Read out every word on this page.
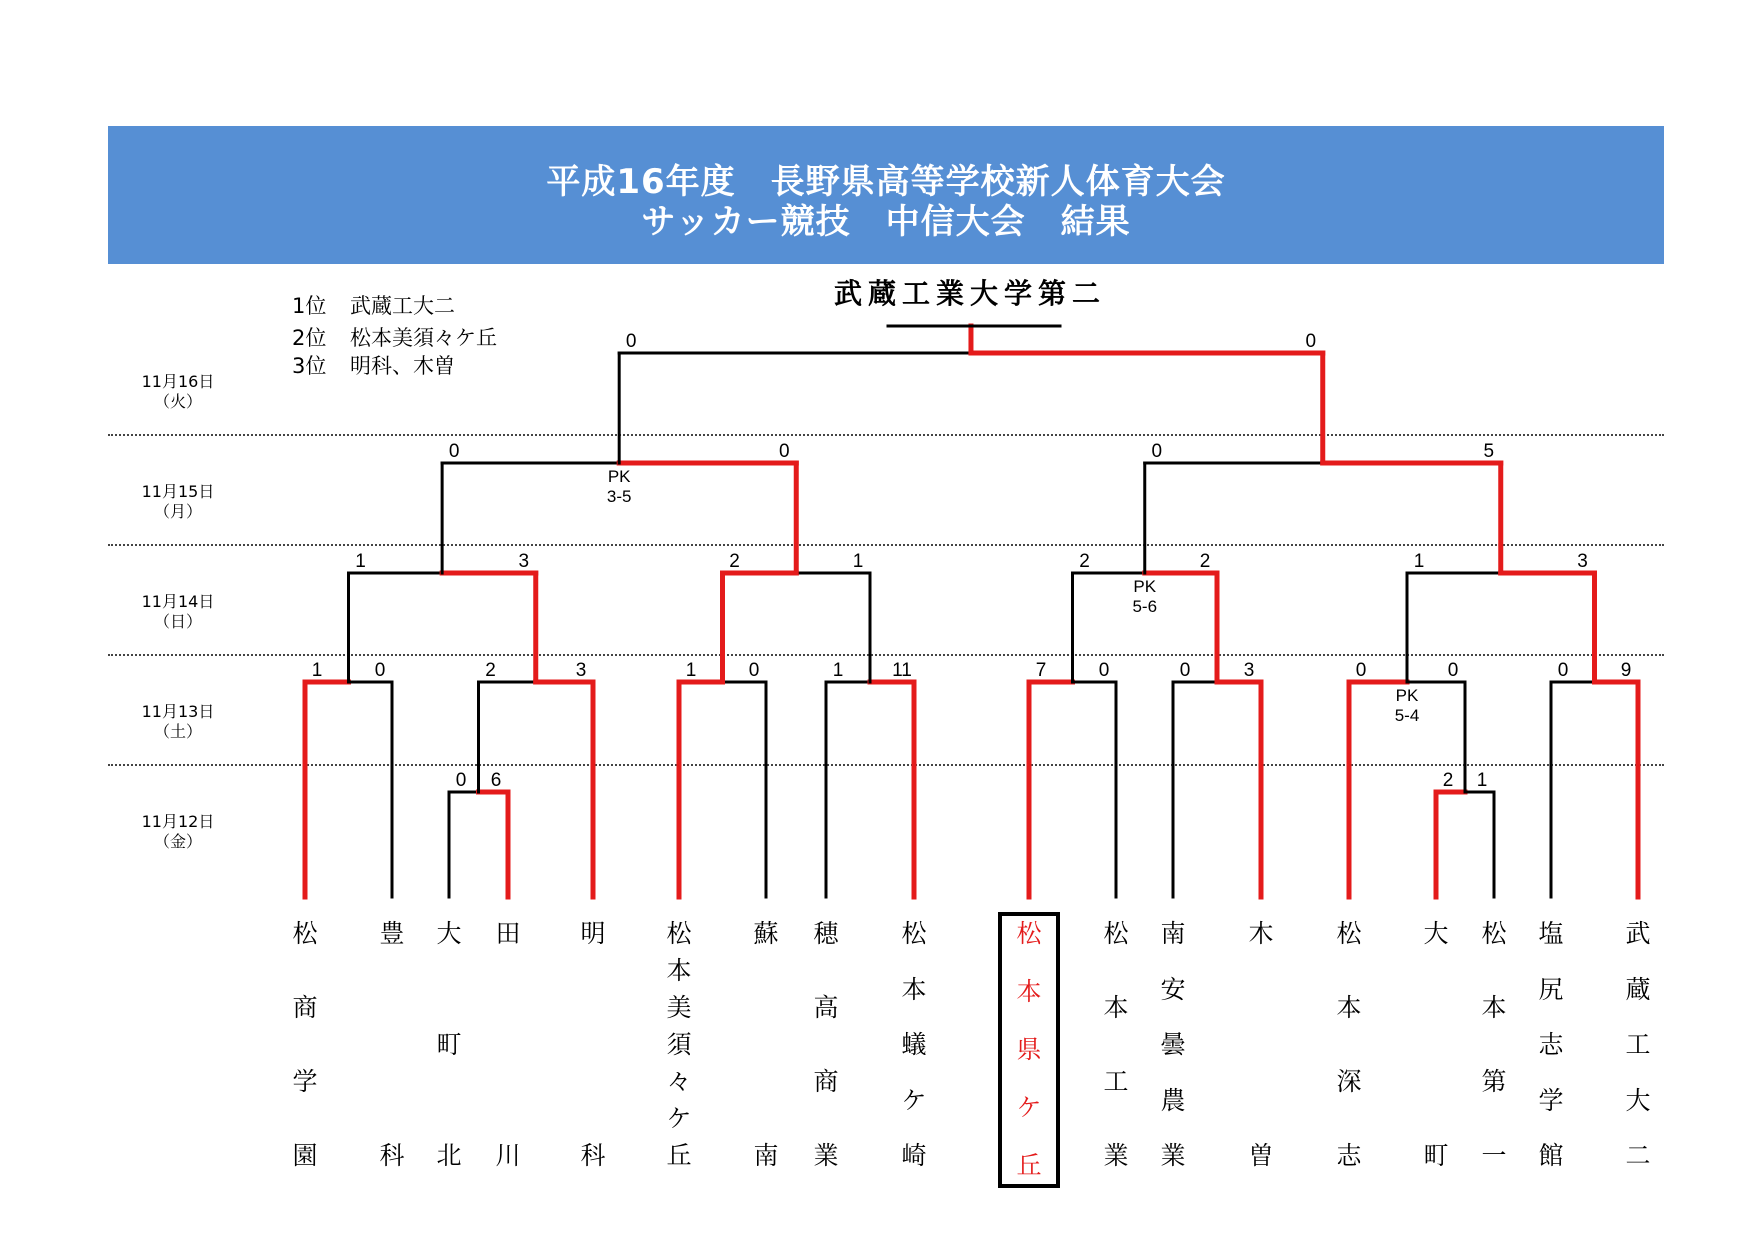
平成16年度　長野県高等学校新人体育大会
サッカー競技　中信大会　結果
武蔵工業大学第二
1位 武蔵工大二
2位 松本美須々ケ丘
3位 明科、木曽
11月16日
（火）
11月15日
（月）
11月14日
（日）
11月13日
（土）
11月12日
（金）
0 6	2 1
1	0	2	3	1	0	1	11	7	0	0	3	0	0
PK
5-4
0	9
1	3	2	1	2	2
PK
5-6
1	3
0	0
PK
3-5
0	5
0	0
松
商
学
園
豊
科
大
町
北
田
川
明
科
松
本
美
須
々
ケ
丘
蘇
南
穂
高
商
業
松
本
蟻
ケ
崎
松
本
県
ケ
丘
松
本
工
業
南
安
曇
農
業
木
曽
松
本
深
志
大
町
松
本
第
一
塩
尻
志
学
館
武
蔵
工
大
二
